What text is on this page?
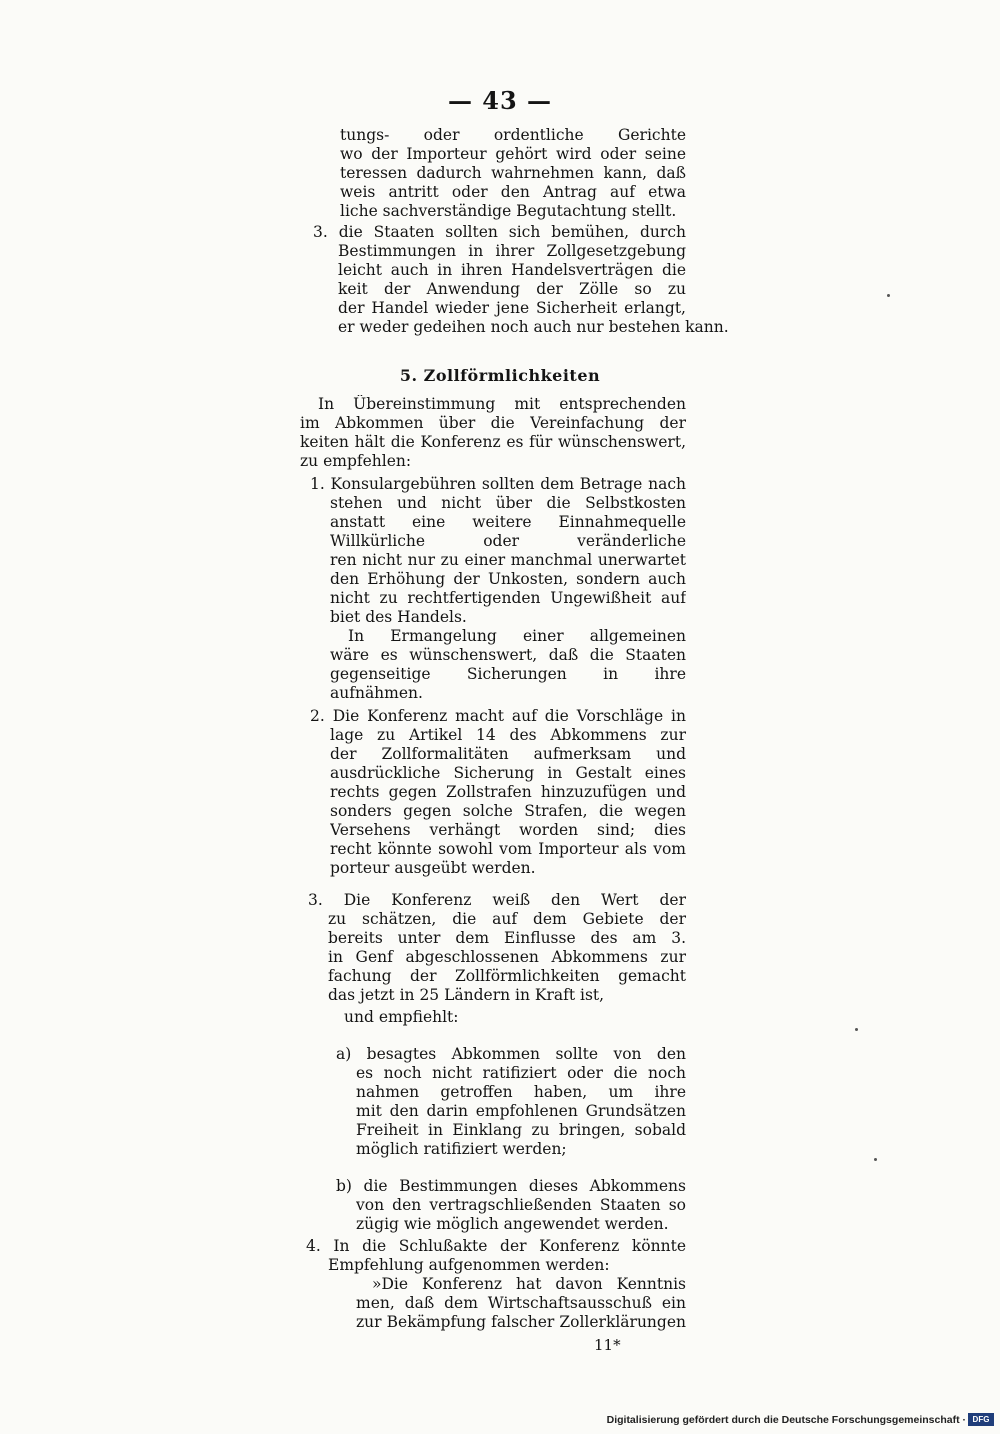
— 43 —
tungs- oder ordentliche Gerichte
wo der Importeur gehört wird oder seine
teressen dadurch wahrnehmen kann, daß
weis antritt oder den Antrag auf etwa
liche sachverständige Begutachtung stellt.
3. die Staaten sollten sich bemühen, durch
Bestimmungen in ihrer Zollgesetzgebung
leicht auch in ihren Handelsverträgen die
keit der Anwendung der Zölle so zu
der Handel wieder jene Sicherheit erlangt,
er weder gedeihen noch auch nur bestehen kann.
5. Zollförmlichkeiten
In Übereinstimmung mit entsprechenden
im Abkommen über die Vereinfachung der
keiten hält die Konferenz es für wünschenswert,
zu empfehlen:
1. Konsulargebühren sollten dem Betrage nach
stehen und nicht über die Selbstkosten
anstatt eine weitere Einnahmequelle
Willkürliche oder veränderliche
ren nicht nur zu einer manchmal unerwartet
den Erhöhung der Unkosten, sondern auch
nicht zu rechtfertigenden Ungewißheit auf
biet des Handels.
In Ermangelung einer allgemeinen
wäre es wünschenswert, daß die Staaten
gegenseitige Sicherungen in ihre
aufnähmen.
2. Die Konferenz macht auf die Vorschläge in
lage zu Artikel 14 des Abkommens zur
der Zollformalitäten aufmerksam und
ausdrückliche Sicherung in Gestalt eines
rechts gegen Zollstrafen hinzuzufügen und
sonders gegen solche Strafen, die wegen
Versehens verhängt worden sind; dies
recht könnte sowohl vom Importeur als vom
porteur ausgeübt werden.
3. Die Konferenz weiß den Wert der
zu schätzen, die auf dem Gebiete der
bereits unter dem Einflusse des am 3.
in Genf abgeschlossenen Abkommens zur
fachung der Zollförmlichkeiten gemacht
das jetzt in 25 Ländern in Kraft ist,
und empfiehlt:
a) besagtes Abkommen sollte von den
es noch nicht ratifiziert oder die noch
nahmen getroffen haben, um ihre
mit den darin empfohlenen Grundsätzen
Freiheit in Einklang zu bringen, sobald
möglich ratifiziert werden;
b) die Bestimmungen dieses Abkommens
von den vertragschließenden Staaten so
zügig wie möglich angewendet werden.
4. In die Schlußakte der Konferenz könnte
Empfehlung aufgenommen werden:
»Die Konferenz hat davon Kenntnis
men, daß dem Wirtschaftsausschuß ein
zur Bekämpfung falscher Zollerklärungen
11*
Digitalisierung gefördert durch die Deutsche Forschungsgemeinschaft · DFG
